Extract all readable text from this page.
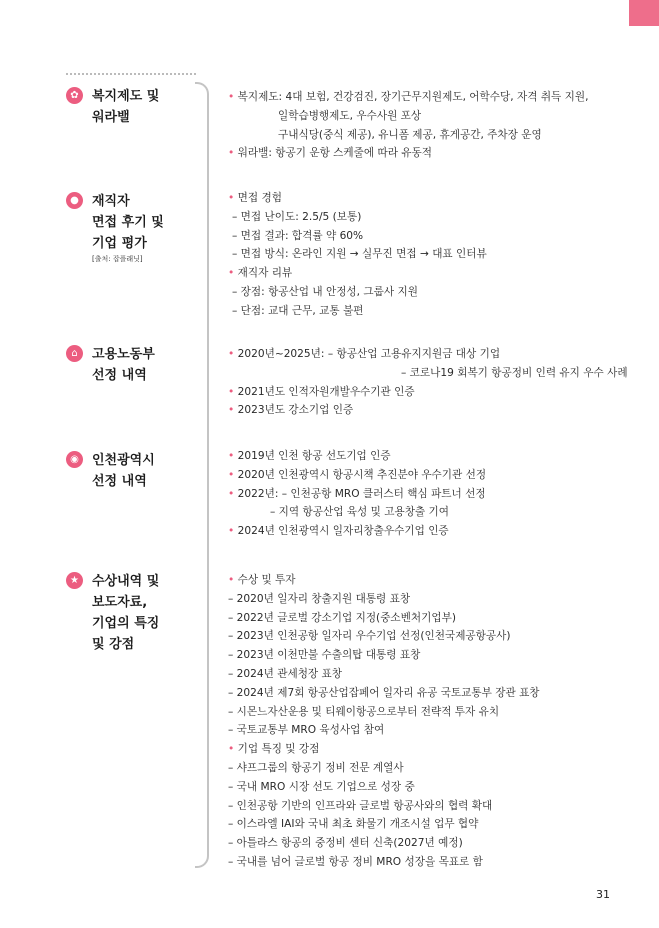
✿	복지제도 및
워라밸
• 복지제도: 4대 보험, 건강검진, 장기근무지원제도, 어학수당, 자격 취득 지원,
일학습병행제도, 우수사원 포상
구내식당(중식 제공), 유니폼 제공, 휴게공간, 주차장 운영
• 워라밸: 항공기 운항 스케줄에 따라 유동적
●	재직자
면접 후기 및
기업 평가
[출처: 잡플래닛]
• 면접 경험
– 면접 난이도: 2.5/5 (보통)
– 면접 결과: 합격률 약 60%
– 면접 방식: 온라인 지원 → 실무진 면접 → 대표 인터뷰
• 재직자 리뷰
– 장점: 항공산업 내 안정성, 그룹사 지원
– 단점: 교대 근무, 교통 불편
⌂	고용노동부
선정 내역
• 2020년~2025년: – 항공산업 고용유지지원금 대상 기업
– 코로나19 회복기 항공정비 인력 유지 우수 사례
• 2021년도 인적자원개발우수기관 인증
• 2023년도 강소기업 인증
◉	인천광역시
선정 내역
• 2019년 인천 항공 선도기업 인증
• 2020년 인천광역시 항공시책 추진분야 우수기관 선정
• 2022년: – 인천공항 MRO 클러스터 핵심 파트너 선정
– 지역 항공산업 육성 및 고용창출 기여
• 2024년 인천광역시 일자리창출우수기업 인증
★	수상내역 및
보도자료,
기업의 특징
및 강점
• 수상 및 투자
– 2020년 일자리 창출지원 대통령 표창
– 2022년 글로벌 강소기업 지정(중소벤처기업부)
– 2023년 인천공항 일자리 우수기업 선정(인천국제공항공사)
– 2023년 이천만불 수출의탑 대통령 표창
– 2024년 관세청장 표창
– 2024년 제7회 항공산업잡페어 일자리 유공 국토교통부 장관 표창
– 시몬느자산운용 및 티웨이항공으로부터 전략적 투자 유치
– 국토교통부 MRO 육성사업 참여
• 기업 특징 및 강점
– 샤프그룹의 항공기 정비 전문 계열사
– 국내 MRO 시장 선도 기업으로 성장 중
– 인천공항 기반의 인프라와 글로벌 항공사와의 협력 확대
– 이스라엘 IAI와 국내 최초 화물기 개조시설 업무 협약
– 아틀라스 항공의 중정비 센터 신축(2027년 예정)
– 국내를 넘어 글로벌 항공 정비 MRO 성장을 목표로 함
31
